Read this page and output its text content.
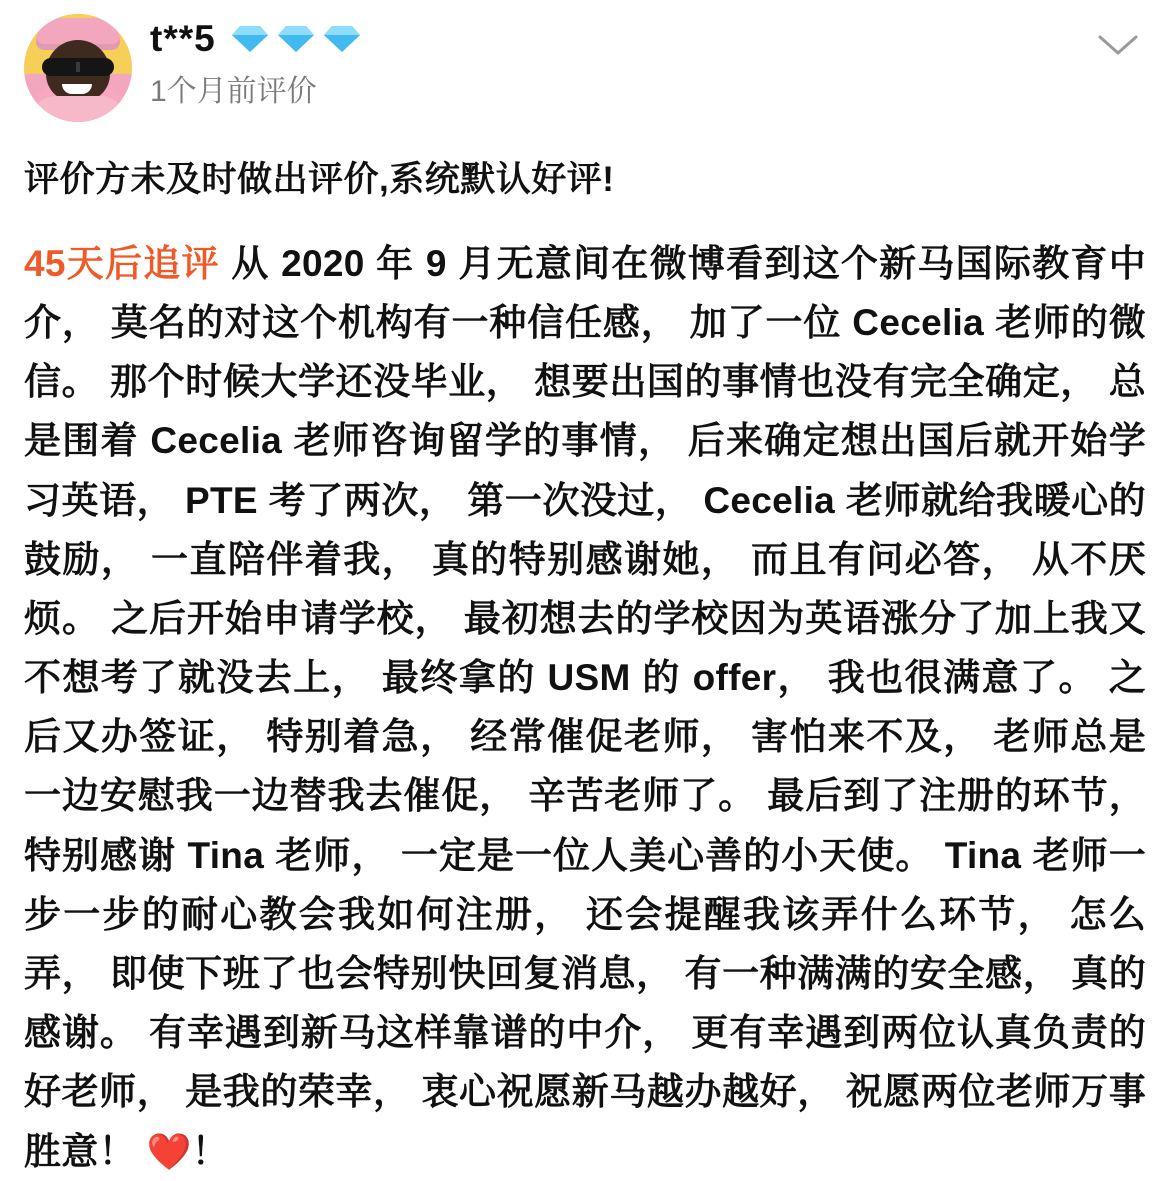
t**5
1个月前评价
评价方未及时做出评价,系统默认好评!
45天后追评 从 2020 年 9 月无意间在微博看到这个新马国际教育中介， 莫名的对这个机构有一种信任感， 加了一位 Cecelia 老师的微信。 那个时候大学还没毕业， 想要出国的事情也没有完全确定， 总是围着 Cecelia 老师咨询留学的事情， 后来确定想出国后就开始学习英语， PTE 考了两次， 第一次没过， Cecelia 老师就给我暖心的鼓励， 一直陪伴着我， 真的特别感谢她， 而且有问必答， 从不厌烦。 之后开始申请学校， 最初想去的学校因为英语涨分了加上我又不想考了就没去上， 最终拿的 USM 的 offer， 我也很满意了。 之后又办签证， 特别着急， 经常催促老师， 害怕来不及， 老师总是一边安慰我一边替我去催促， 辛苦老师了。 最后到了注册的环节， 特别感谢 Tina 老师， 一定是一位人美心善的小天使。 Tina 老师一步一步的耐心教会我如何注册， 还会提醒我该弄什么环节， 怎么弄， 即使下班了也会特别快回复消息， 有一种满满的安全感， 真的感谢。 有幸遇到新马这样靠谱的中介， 更有幸遇到两位认真负责的好老师， 是我的荣幸， 衷心祝愿新马越办越好， 祝愿两位老师万事胜意！ ❤️！
